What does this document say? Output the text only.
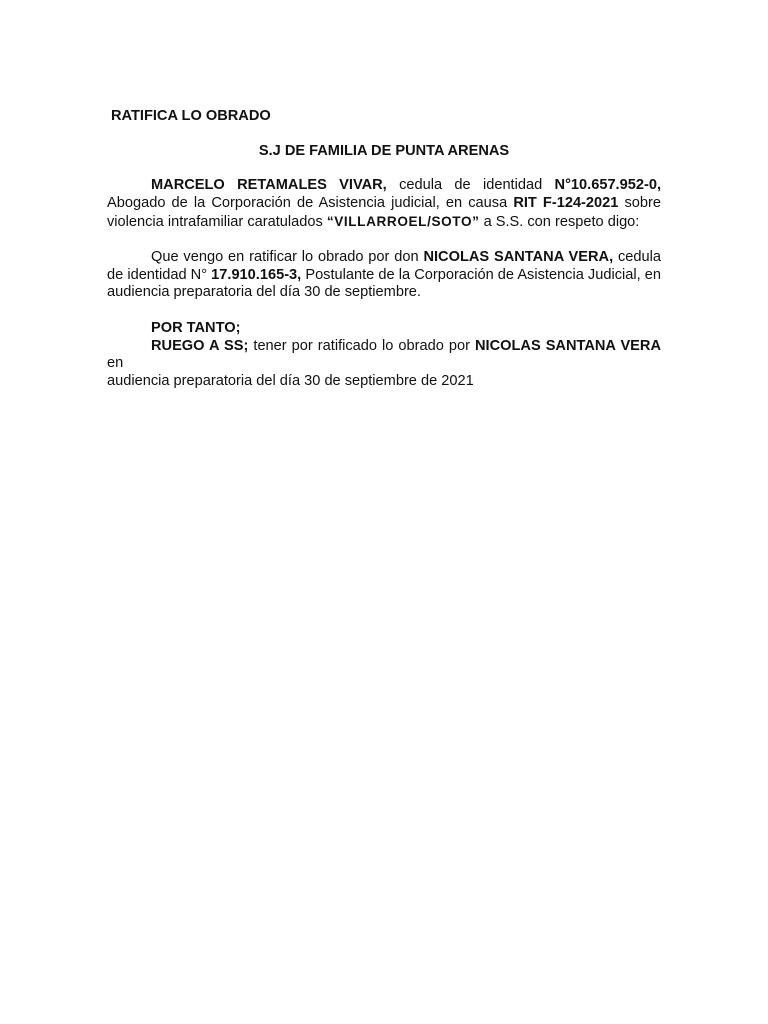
RATIFICA LO OBRADO

S.J DE FAMILIA DE PUNTA ARENAS

MARCELO RETAMALES VIVAR, cedula de identidad N°10.657.952-0, Abogado de la Corporación de Asistencia judicial, en causa RIT F-124-2021 sobre violencia intrafamiliar caratulados “VILLARROEL/SOTO” a S.S. con respeto digo:

Que vengo en ratificar lo obrado por don NICOLAS SANTANA VERA, cedula de identidad N° 17.910.165-3, Postulante de la Corporación de Asistencia Judicial, en audiencia preparatoria del día 30 de septiembre.

POR TANTO;

RUEGO A SS; tener por ratificado lo obrado por NICOLAS SANTANA VERA en

audiencia preparatoria del día 30 de septiembre de 2021
